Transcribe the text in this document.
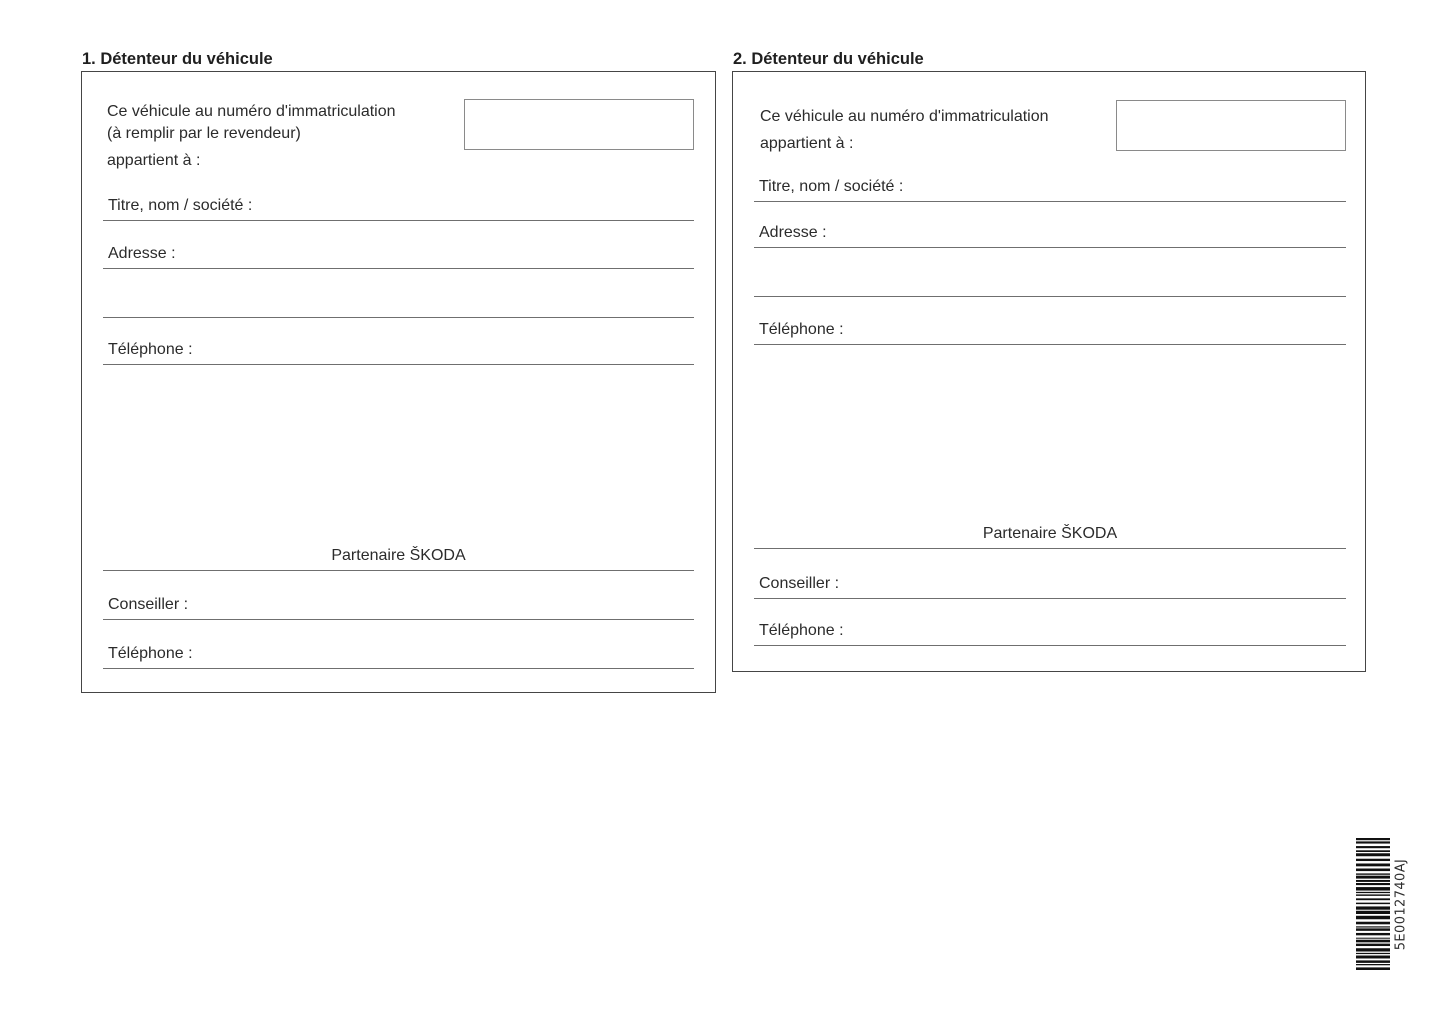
1. Détenteur du véhicule
Ce véhicule au numéro d'immatriculation
(à remplir par le revendeur)
appartient à :
Titre, nom / société :
Adresse :
Téléphone :
Partenaire ŠKODA
Conseiller :
Téléphone :
2. Détenteur du véhicule
Ce véhicule au numéro d'immatriculation
appartient à :
Titre, nom / société :
Adresse :
Téléphone :
Partenaire ŠKODA
Conseiller :
Téléphone :
5E0012740AJ
